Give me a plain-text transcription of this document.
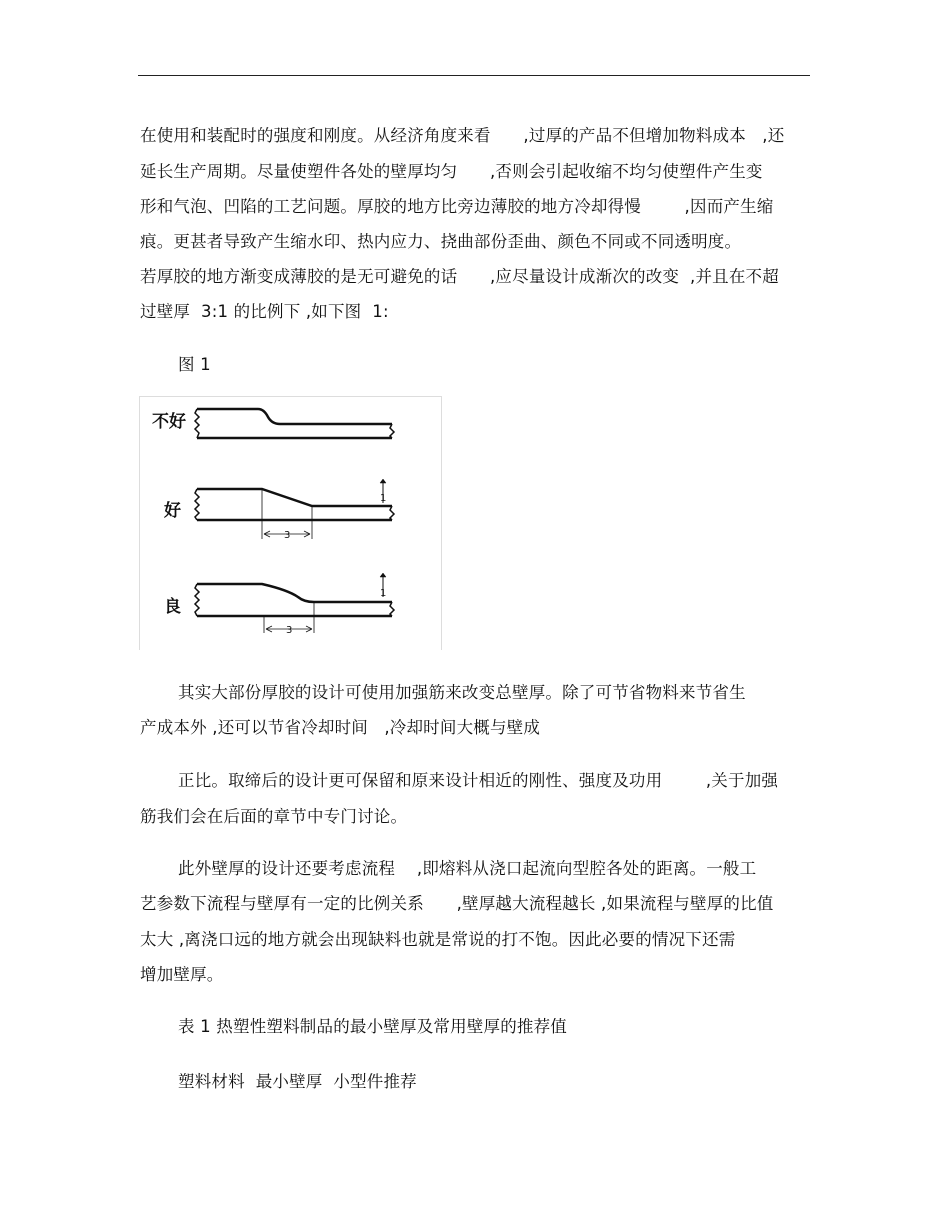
在使用和装配时的强度和刚度。从经济角度来看      ,过厚的产品不但增加物料成本   ,还
延长生产周期。尽量使塑件各处的壁厚均匀      ,否则会引起收缩不均匀使塑件产生变
形和气泡、凹陷的工艺问题。厚胶的地方比旁边薄胶的地方冷却得慢        ,因而产生缩
痕。更甚者导致产生缩水印、热内应力、挠曲部份歪曲、颜色不同或不同透明度。
若厚胶的地方渐变成薄胶的是无可避免的话      ,应尽量设计成渐次的改变  ,并且在不超
过壁厚  3:1 的比例下 ,如下图  1:
图 1
不好
好
3
1
良
3
1
其实大部份厚胶的设计可使用加强筋来改变总壁厚。除了可节省物料来节省生
产成本外 ,还可以节省冷却时间   ,冷却时间大概与壁成
正比。取缔后的设计更可保留和原来设计相近的刚性、强度及功用        ,关于加强
筋我们会在后面的章节中专门讨论。
此外壁厚的设计还要考虑流程    ,即熔料从浇口起流向型腔各处的距离。一般工
艺参数下流程与壁厚有一定的比例关系      ,壁厚越大流程越长 ,如果流程与壁厚的比值
太大 ,离浇口远的地方就会出现缺料也就是常说的打不饱。因此必要的情况下还需
增加壁厚。
表 1 热塑性塑料制品的最小壁厚及常用壁厚的推荐值
塑料材料  最小壁厚  小型件推荐
